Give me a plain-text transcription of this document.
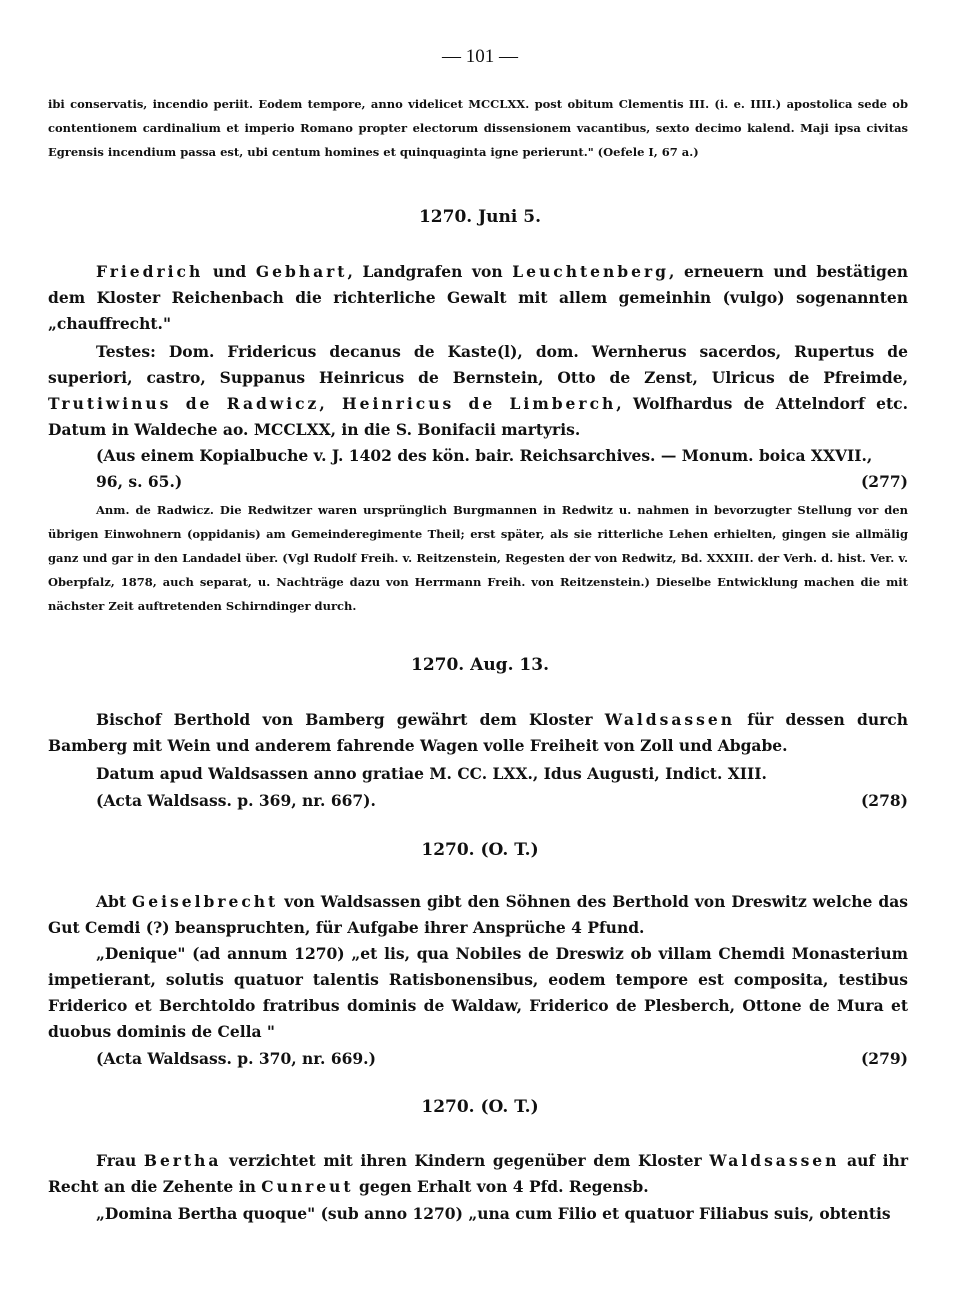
— 101 —

ibi conservatis, incendio periit. Eodem tempore, anno videlicet MCCLXX. post obitum Clementis III. (i. e. IIII.) apostolica sede ob contentionem cardinalium et imperio Romano propter electorum dissensionem vacantibus, sexto decimo kalend. Maji ipsa civitas Egrensis incendium passa est, ubi centum homines et quinquaginta igne perierunt." (Oefele I, 67 a.)

1270. Juni 5.

Friedrich und Gebhart, Landgrafen von Leuchtenberg, erneuern und bestätigen dem Kloster Reichenbach die richterliche Gewalt mit allem gemeinhin (vulgo) sogenannten „chauffrecht."

Testes: Dom. Fridericus decanus de Kaste(l), dom. Wernherus sacerdos, Rupertus de superiori, castro, Suppanus Heinricus de Bernstein, Otto de Zenst, Ulricus de Pfreimde, Trutiwinus de Radwicz, Heinricus de Limberch, Wolfhardus de Attelndorf etc. Datum in Waldeche ao. MCCLXX, in die S. Bonifacii martyris.

(Aus einem Kopialbuche v. J. 1402 des kön. bair. Reichsarchives. — Monum. boica XXVII.,

96, s. 65.)	(277)

Anm. de Radwicz. Die Redwitzer waren ursprünglich Burgmannen in Redwitz u. nahmen in bevorzugter Stellung vor den übrigen Einwohnern (oppidanis) am Gemeinderegimente Theil; erst später, als sie ritterliche Lehen erhielten, gingen sie allmälig ganz und gar in den Landadel über. (Vgl Rudolf Freih. v. Reitzenstein, Regesten der von Redwitz, Bd. XXXIII. der Verh. d. hist. Ver. v. Oberpfalz, 1878, auch separat, u. Nachträge dazu von Herrmann Freih. von Reitzenstein.) Dieselbe Entwicklung machen die mit nächster Zeit auftretenden Schirndinger durch.

1270. Aug. 13.

Bischof Berthold von Bamberg gewährt dem Kloster Waldsassen für dessen durch Bamberg mit Wein und anderem fahrende Wagen volle Freiheit von Zoll und Abgabe.

Datum apud Waldsassen anno gratiae M. CC. LXX., Idus Augusti, Indict. XIII.

(Acta Waldsass. p. 369, nr. 667).	(278)

1270. (O. T.)

Abt Geiselbrecht von Waldsassen gibt den Söhnen des Berthold von Dreswitz welche das Gut Cemdi (?) beanspruchten, für Aufgabe ihrer Ansprüche 4 Pfund.

„Denique" (ad annum 1270) „et lis, qua Nobiles de Dreswiz ob villam Chemdi Monasterium impetierant, solutis quatuor talentis Ratisbonensibus, eodem tempore est composita, testibus Friderico et Berchtoldo fratribus dominis de Waldaw, Friderico de Plesberch, Ottone de Mura et duobus dominis de Cella "

(Acta Waldsass. p. 370, nr. 669.)	(279)

1270. (O. T.)

Frau Bertha verzichtet mit ihren Kindern gegenüber dem Kloster Waldsassen auf ihr Recht an die Zehente in Cunreut gegen Erhalt von 4 Pfd. Regensb.

„Domina Bertha quoque" (sub anno 1270) „una cum Filio et quatuor Filiabus suis, obtentis
